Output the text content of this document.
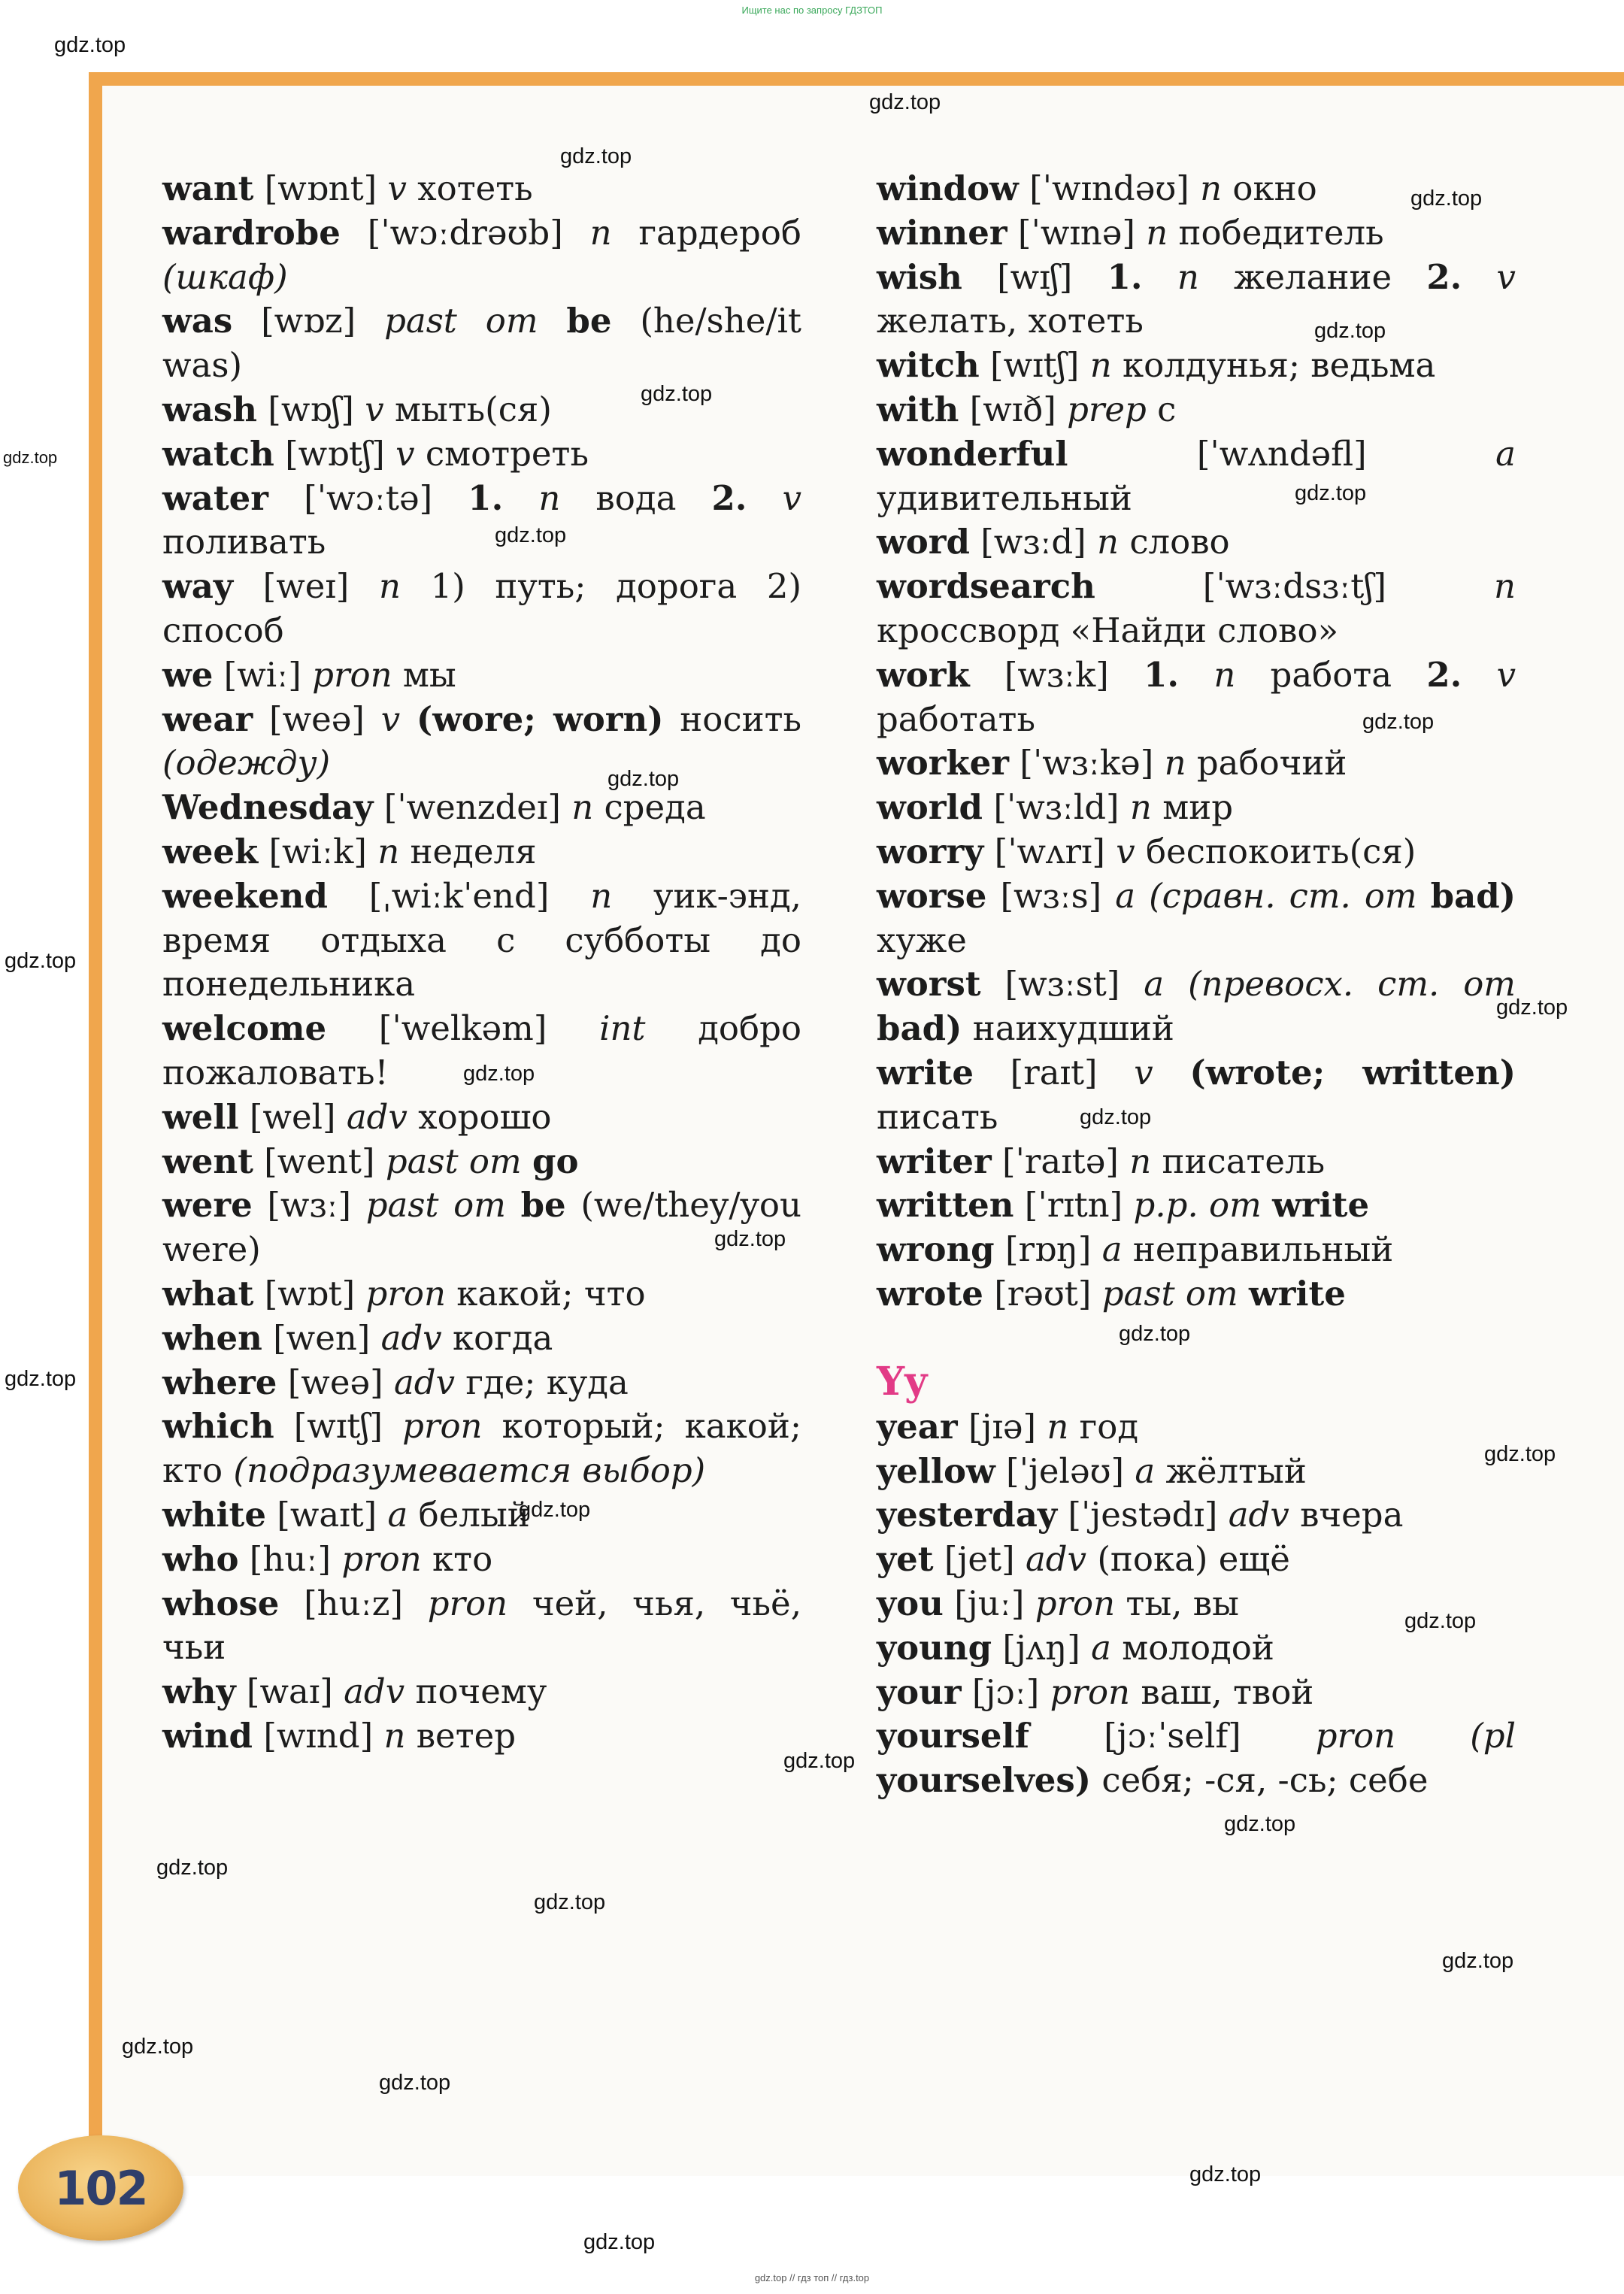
Ищите нас по запросу ГДЗТОП
want [wɒnt] v хотеть
wardrobe [ˈwɔːdrəʊb] n гардероб (шкаф)
was [wɒz] past от be (he/she/it was)
wash [wɒʃ] v мыть(ся)
watch [wɒtʃ] v смотреть
water [ˈwɔːtə] 1. n вода 2. v поливать
way [weɪ] n 1) путь; дорога 2) способ
we [wiː] pron мы
wear [weə] v (wore; worn) носить (одежду)
Wednesday [ˈwenzdeɪ] n среда
week [wiːk] n неделя
weekend [ˌwiːkˈend] n уик-энд, время отдыха с субботы до понедельника
welcome [ˈwelkəm] int добро пожаловать!
well [wel] adv хорошо
went [went] past от go
were [wɜː] past от be (we/they/you were)
what [wɒt] pron какой; что
when [wen] adv когда
where [weə] adv где; куда
which [wɪtʃ] pron который; какой; кто (подразумевается выбор)
white [waɪt] a белый
who [huː] pron кто
whose [huːz] pron чей, чья, чьё, чьи
why [waɪ] adv почему
wind [wɪnd] n ветер
window [ˈwɪndəʊ] n окно
winner [ˈwɪnə] n победитель
wish [wɪʃ] 1. n желание 2. v желать, хотеть
witch [wɪtʃ] n колдунья; ведьма
with [wɪð] prep с
wonderful [ˈwʌndəfl] a удивительный
word [wɜːd] n слово
wordsearch [ˈwɜːdsɜːtʃ] n кроссворд «Найди слово»
work [wɜːk] 1. n работа 2. v работать
worker [ˈwɜːkə] n рабочий
world [ˈwɜːld] n мир
worry [ˈwʌrɪ] v беспокоить(ся)
worse [wɜːs] a (сравн. ст. от bad) хуже
worst [wɜːst] a (превосх. ст. от bad) наихудший
write [raɪt] v (wrote; written) писать
writer [ˈraɪtə] n писатель
written [ˈrɪtn] p.p. от write
wrong [rɒŋ] a неправильный
wrote [rəʊt] past от write
Yy
year [jɪə] n год
yellow [ˈjeləʊ] a жёлтый
yesterday [ˈjestədɪ] adv вчера
yet [jet] adv (пока) ещё
you [juː] pron ты, вы
young [jʌŋ] a молодой
your [jɔː] pron ваш, твой
yourself [jɔːˈself] pron (pl yourselves) себя; -ся, -сь; себе
102
gdz.top
gdz.top
gdz.top
gdz.top
gdz.top
gdz.top
gdz.top
gdz.top
gdz.top
gdz.top
gdz.top
gdz.top
gdz.top
gdz.top
gdz.top
gdz.top
gdz.top
gdz.top
gdz.top
gdz.top
gdz.top
gdz.top
gdz.top
gdz.top
gdz.top
gdz.top
gdz.top
gdz.top
gdz.top
gdz.top
gdz.top // гдз топ // гдз.top
